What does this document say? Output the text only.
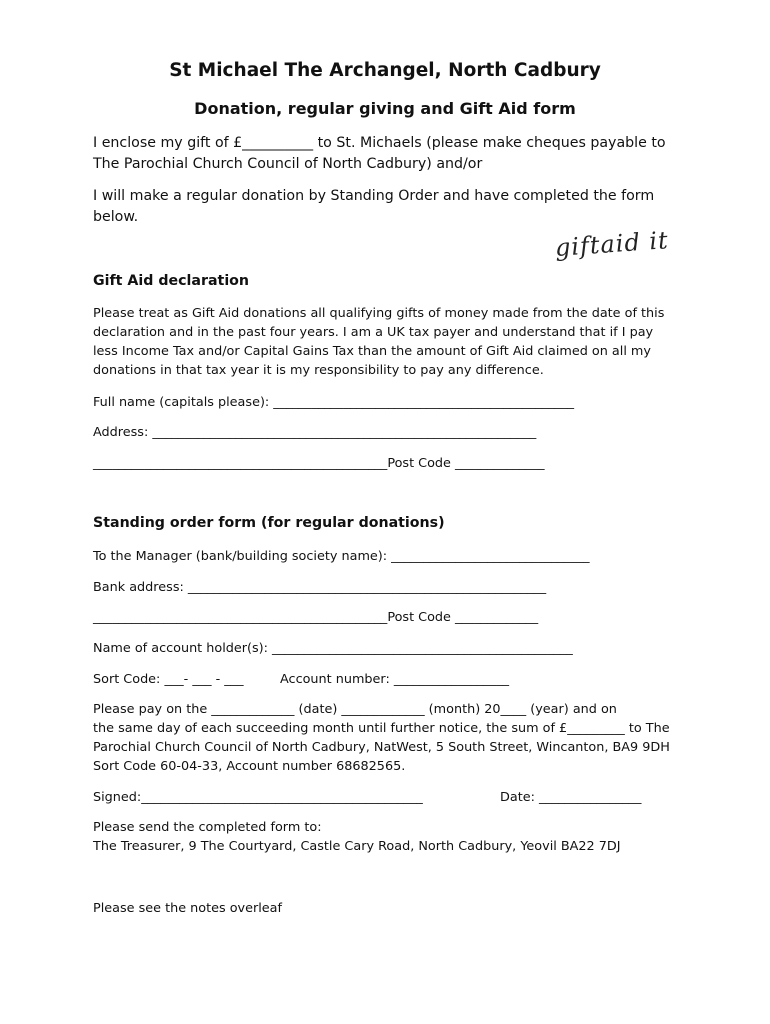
St Michael The Archangel, North Cadbury
Donation, regular giving and Gift Aid form
I enclose my gift of £__________ to St. Michaels (please make cheques payable to
The Parochial Church Council of North Cadbury) and/or
I will make a regular donation by Standing Order and have completed the form
below.
giftaid it
Gift Aid declaration
Please treat as Gift Aid donations all qualifying gifts of money made from the date of this
declaration and in the past four years. I am a UK tax payer and understand that if I pay
less Income Tax and/or Capital Gains Tax than the amount of Gift Aid claimed on all my
donations in that tax year it is my responsibility to pay any difference.
Full name (capitals please): _______________________________________________
Address: ____________________________________________________________
______________________________________________Post Code ______________
Standing order form (for regular donations)
To the Manager (bank/building society name): _______________________________
Bank address: ________________________________________________________
______________________________________________Post Code _____________
Name of account holder(s): _______________________________________________
Sort Code: ___- ___ - ___	Account number: __________________
Please pay on the _____________ (date) _____________ (month) 20____ (year) and on
the same day of each succeeding month until further notice, the sum of £_________ to The
Parochial Church Council of North Cadbury, NatWest, 5 South Street, Wincanton, BA9 9DH
Sort Code 60-04-33, Account number 68682565.
Signed:____________________________________________	Date: ________________
Please send the completed form to:
The Treasurer, 9 The Courtyard, Castle Cary Road, North Cadbury, Yeovil BA22 7DJ
Please see the notes overleaf
